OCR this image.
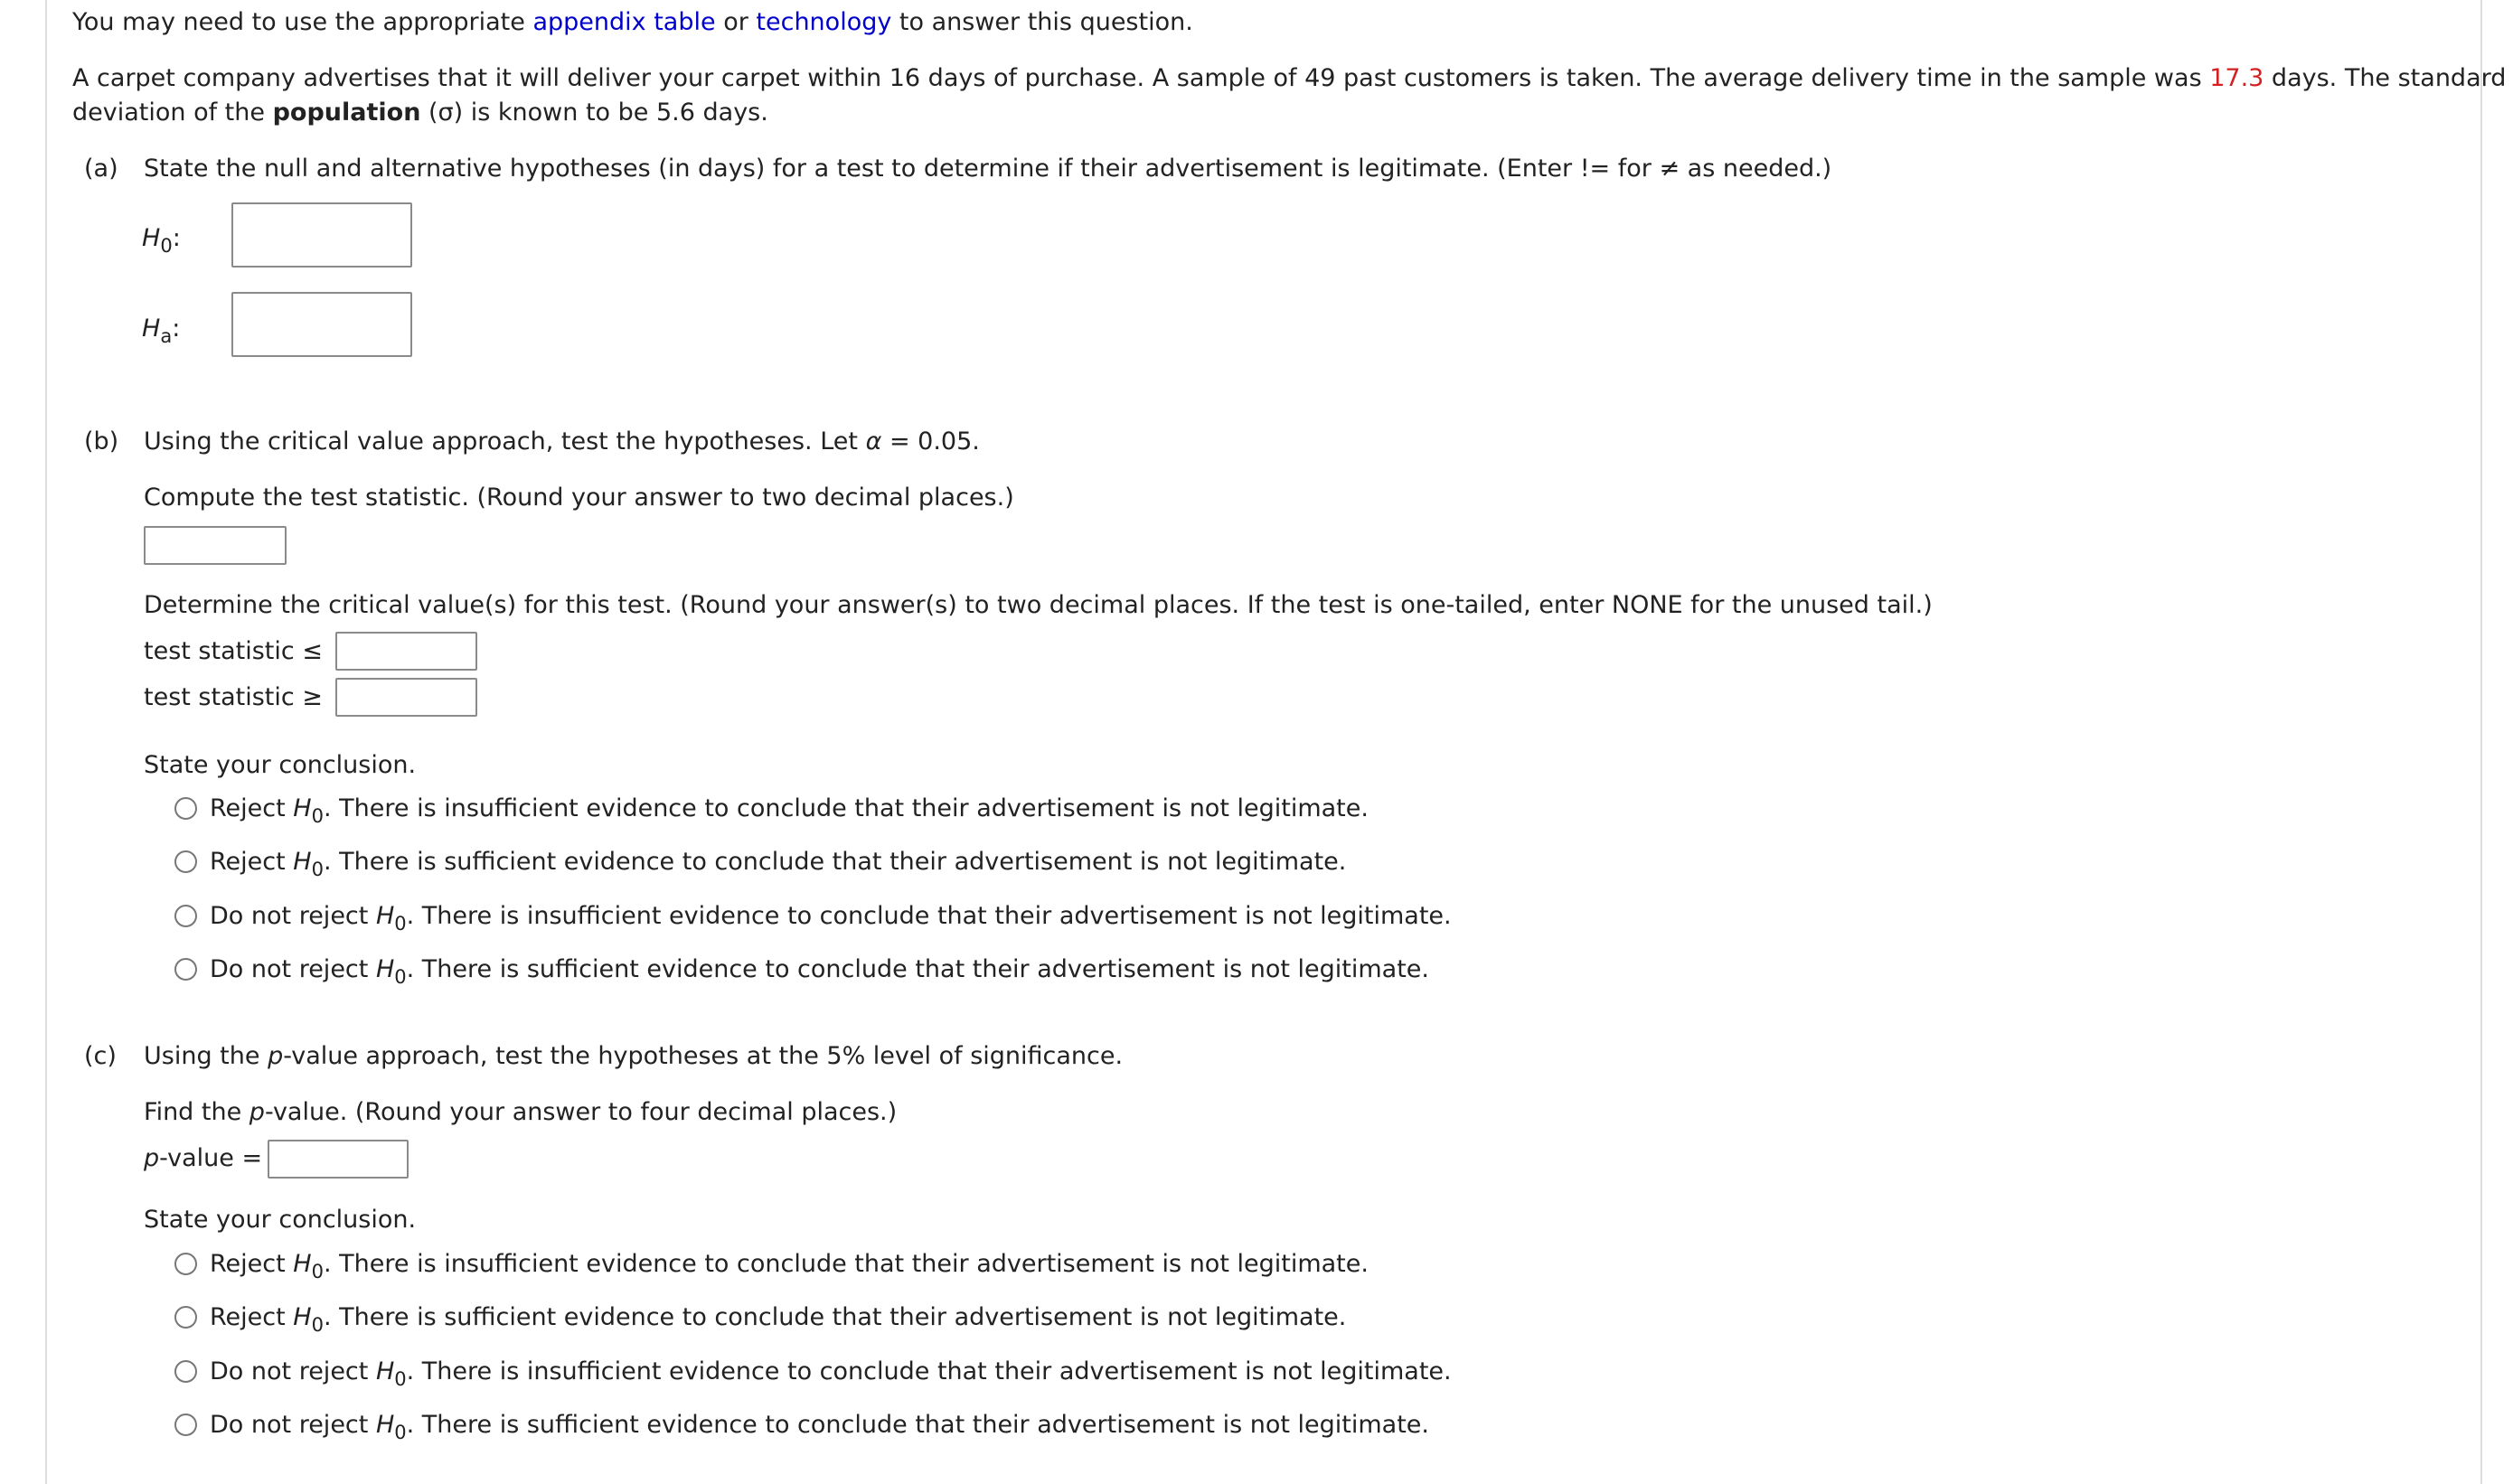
You may need to use the appropriate appendix table or technology to answer this question.
A carpet company advertises that it will deliver your carpet within 16 days of purchase. A sample of 49 past customers is taken. The average delivery time in the sample was 17.3 days. The standard
deviation of the population (σ) is known to be 5.6 days.
(a) State the null and alternative hypotheses (in days) for a test to determine if their advertisement is legitimate. (Enter != for ≠ as needed.)
$H_0$:
$H_a$:
(b) Using the critical value approach, test the hypotheses. Let α = 0.05.
Compute the test statistic. (Round your answer to two decimal places.)
Determine the critical value(s) for this test. (Round your answer(s) to two decimal places. If the test is one-tailed, enter NONE for the unused tail.)
test statistic ≤
test statistic ≥
State your conclusion.
Reject $H_0$. There is insufficient evidence to conclude that their advertisement is not legitimate.
Reject $H_0$. There is sufficient evidence to conclude that their advertisement is not legitimate.
Do not reject $H_0$. There is insufficient evidence to conclude that their advertisement is not legitimate.
Do not reject $H_0$. There is sufficient evidence to conclude that their advertisement is not legitimate.
(c) Using the p-value approach, test the hypotheses at the 5% level of significance.
Find the p-value. (Round your answer to four decimal places.)
p-value =
State your conclusion.
Reject $H_0$. There is insufficient evidence to conclude that their advertisement is not legitimate.
Reject $H_0$. There is sufficient evidence to conclude that their advertisement is not legitimate.
Do not reject $H_0$. There is insufficient evidence to conclude that their advertisement is not legitimate.
Do not reject $H_0$. There is sufficient evidence to conclude that their advertisement is not legitimate.
